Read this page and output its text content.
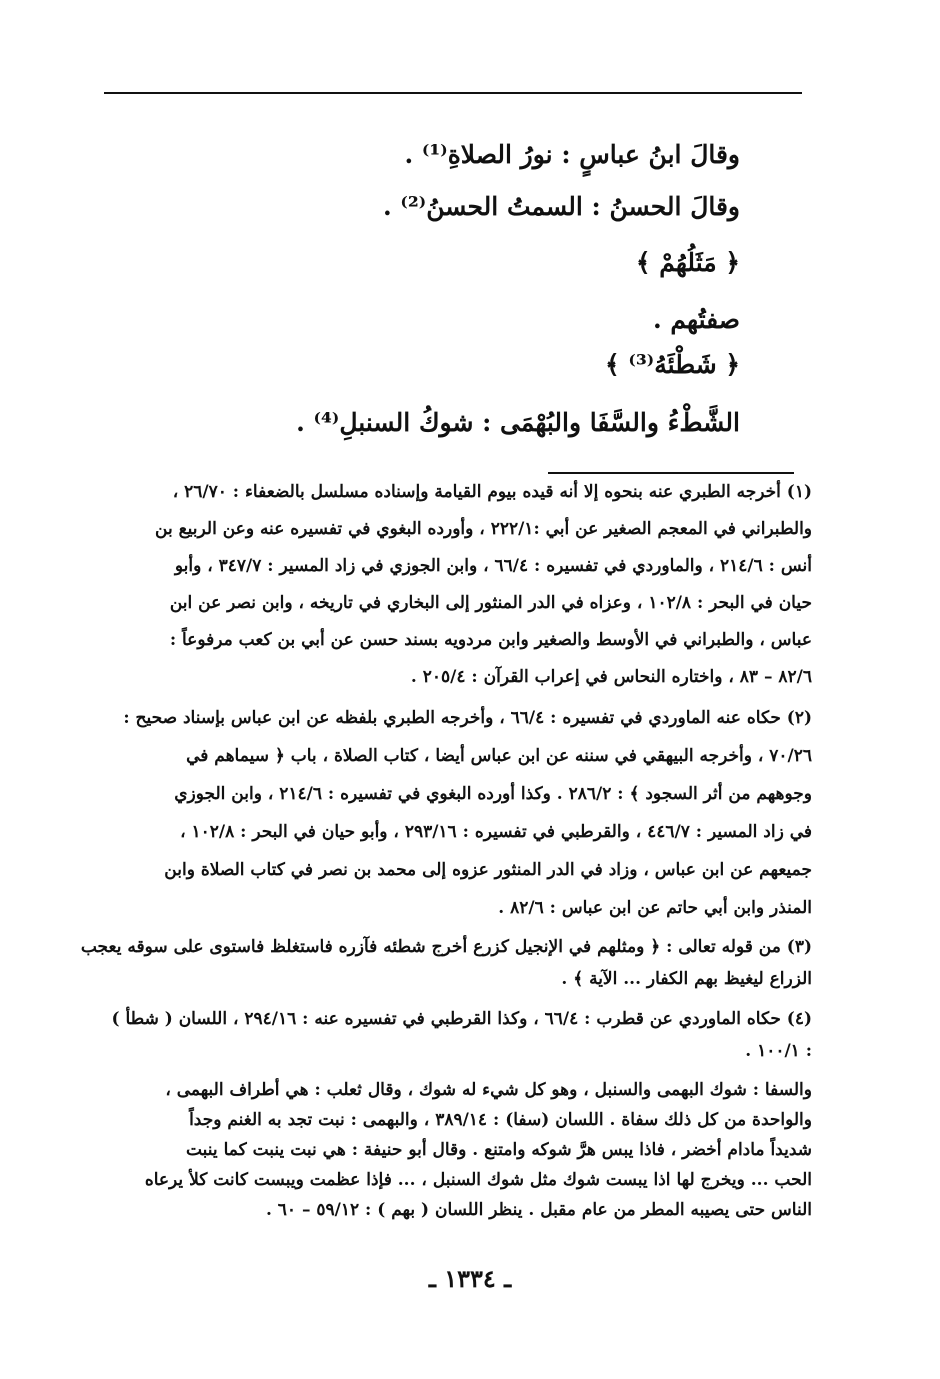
وقالَ ابنُ عباسٍ : نورُ الصلاةِ⁽¹⁾ .
وقالَ الحسنُ : السمتُ الحسنُ⁽²⁾ .
﴿ مَثَلُهُمْ ﴾
صفتُهم .
﴿ شَطْئَهُ⁽³⁾ ﴾
الشَّطْءُ والسَّفَا والبُهْمَى : شوكُ السنبلِ⁽⁴⁾ .
(١) أخرجه الطبري عنه بنحوه إلا أنه قيده بيوم القيامة وإسناده مسلسل بالضعفاء : ٢٦/٧٠ ،
والطبراني في المعجم الصغير عن أبي :٢٢٢/١ ، وأورده البغوي في تفسيره عنه وعن الربيع بن
أنس : ٢١٤/٦ ، والماوردي في تفسيره : ٦٦/٤ ، وابن الجوزي في زاد المسير : ٣٤٧/٧ ، وأبو
حيان في البحر : ١٠٢/٨ ، وعزاه في الدر المنثور إلى البخاري في تاريخه ، وابن نصر عن ابن
عباس ، والطبراني في الأوسط والصغير وابن مردويه بسند حسن عن أبي بن كعب مرفوعاً :
٨٢/٦ – ٨٣ ، واختاره النحاس في إعراب القرآن : ٢٠٥/٤ .
(٢) حكاه عنه الماوردي في تفسيره : ٦٦/٤ ، وأخرجه الطبري بلفظه عن ابن عباس بإسناد صحيح :
٧٠/٢٦ ، وأخرجه البيهقي في سننه عن ابن عباس أيضا ، كتاب الصلاة ، باب ﴿ سيماهم في
وجوههم من أثر السجود ﴾ : ٢٨٦/٢ . وكذا أورده البغوي في تفسيره : ٢١٤/٦ ، وابن الجوزي
في زاد المسير : ٤٤٦/٧ ، والقرطبي في تفسيره : ٢٩٣/١٦ ، وأبو حيان في البحر : ١٠٢/٨ ،
جميعهم عن ابن عباس ، وزاد في الدر المنثور عزوه إلى محمد بن نصر في كتاب الصلاة وابن
المنذر وابن أبي حاتم عن ابن عباس : ٨٢/٦ .
(٣) من قوله تعالى : ﴿ ومثلهم في الإنجيل كزرع أخرج شطئه فآزره فاستغلظ فاستوى على سوقه يعجب
الزراع ليغيظ بهم الكفار ... الآية ﴾ .
(٤) حكاه الماوردي عن قطرب : ٦٦/٤ ، وكذا القرطبي في تفسيره عنه : ٢٩٤/١٦ ، اللسان ( شطأ )
: ١٠٠/١ .
والسفا : شوك البهمى والسنبل ، وهو كل شيء له شوك ، وقال ثعلب : هي أطراف البهمى ،
والواحدة من كل ذلك سفاة . اللسان (سفا) : ٣٨٩/١٤ ، والبهمى : نبت تجد به الغنم وجداً
شديداً مادام أخضر ، فاذا يبس هرَّ شوكه وامتنع . وقال أبو حنيفة : هي نبت ينبت كما ينبت
الحب ... ويخرج لها اذا يبست شوك مثل شوك السنبل ، ... فإذا عظمت ويبست كانت كلأ يرعاه
الناس حتى يصيبه المطر من عام مقبل . ينظر اللسان ( بهم ) : ٥٩/١٢ – ٦٠ .
ـ ١٣٣٤ ـ
